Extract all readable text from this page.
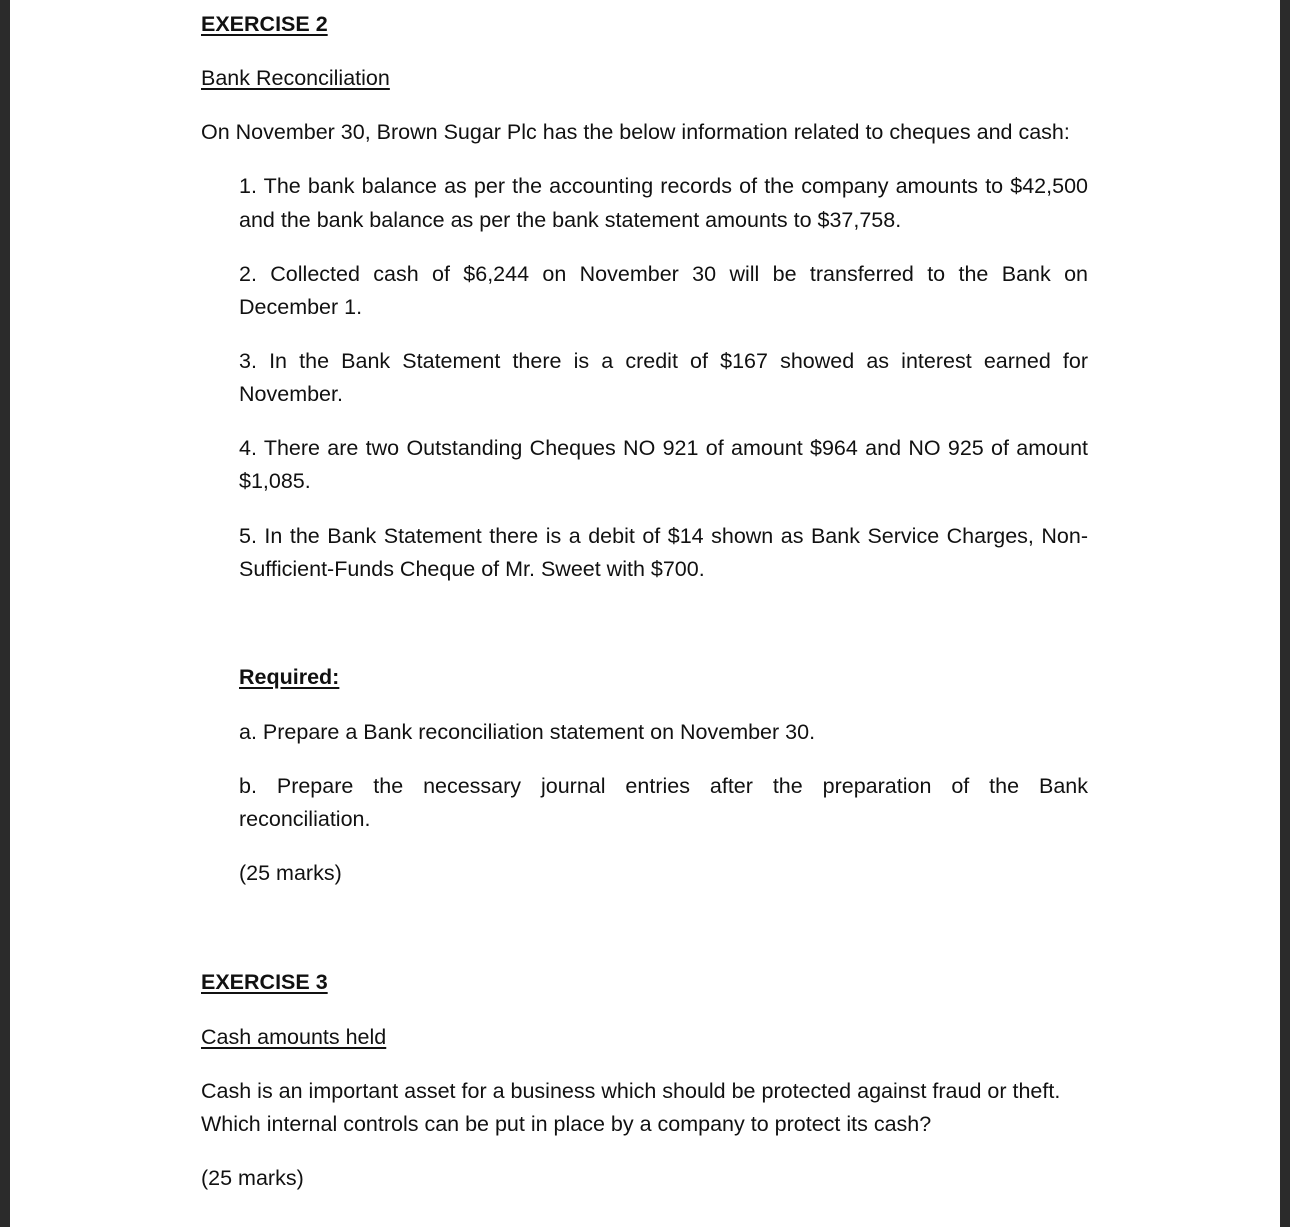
EXERCISE 2
Bank Reconciliation
On November 30, Brown Sugar Plc has the below information related to cheques and cash:
1. The bank balance as per the accounting records of the company amounts to $42,500
and the bank balance as per the bank statement amounts to $37,758.
2. Collected cash of $6,244 on November 30 will be transferred to the Bank on
December 1.
3. In the Bank Statement there is a credit of $167 showed as interest earned for
November.
4. There are two Outstanding Cheques NO 921 of amount $964 and NO 925 of amount
$1,085.
5. In the Bank Statement there is a debit of $14 shown as Bank Service Charges, Non-
Sufficient-Funds Cheque of Mr. Sweet with $700.
Required:
a. Prepare a Bank reconciliation statement on November 30.
b. Prepare the necessary journal entries after the preparation of the Bank
reconciliation.
(25 marks)
EXERCISE 3
Cash amounts held
Cash is an important asset for a business which should be protected against fraud or theft.
Which internal controls can be put in place by a company to protect its cash?
(25 marks)
